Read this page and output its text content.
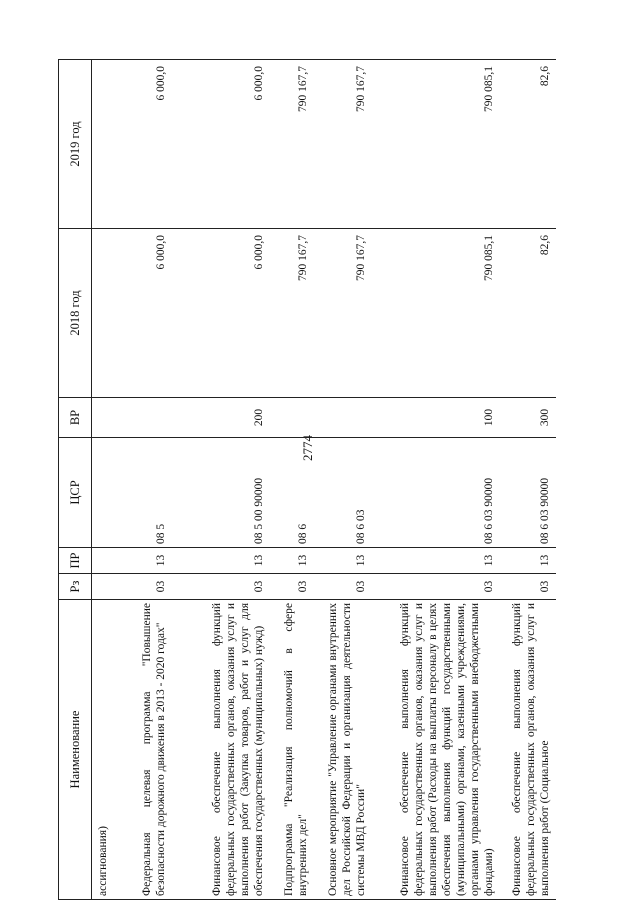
2774
Наименование	Рз	ПР	ЦСР	ВР	2018 год	2019 год
ассигнования)						
Федеральная целевая программа "Повышение безопасности дорожного движения в 2013 - 2020 годах"	03	13	08 5		6 000,0	6 000,0
Финансовое обеспечение выполнения функций федеральных государственных органов, оказания услуг и выполнения работ (Закупка товаров, работ и услуг для обеспечения государственных (муниципальных) нужд)	03	13	08 5 00 90000	200	6 000,0	6 000,0
Подпрограмма "Реализация полномочий в сфере внутренних дел"	03	13	08 6		790 167,7	790 167,7
Основное мероприятие "Управление органами внутренних дел Российской Федерации и организация деятельности системы МВД России"	03	13	08 6 03		790 167,7	790 167,7
Финансовое обеспечение выполнения функций федеральных государственных органов, оказания услуг и выполнения работ (Расходы на выплаты персоналу в целях обеспечения выполнения функций государственными (муниципальными) органами, казенными учреждениями, органами управления государственными внебюджетными фондами)	03	13	08 6 03 90000	100	790 085,1	790 085,1
Финансовое обеспечение выполнения функций федеральных государственных органов, оказания услуг и выполнения работ (Социальное	03	13	08 6 03 90000	300	82,6	82,6
